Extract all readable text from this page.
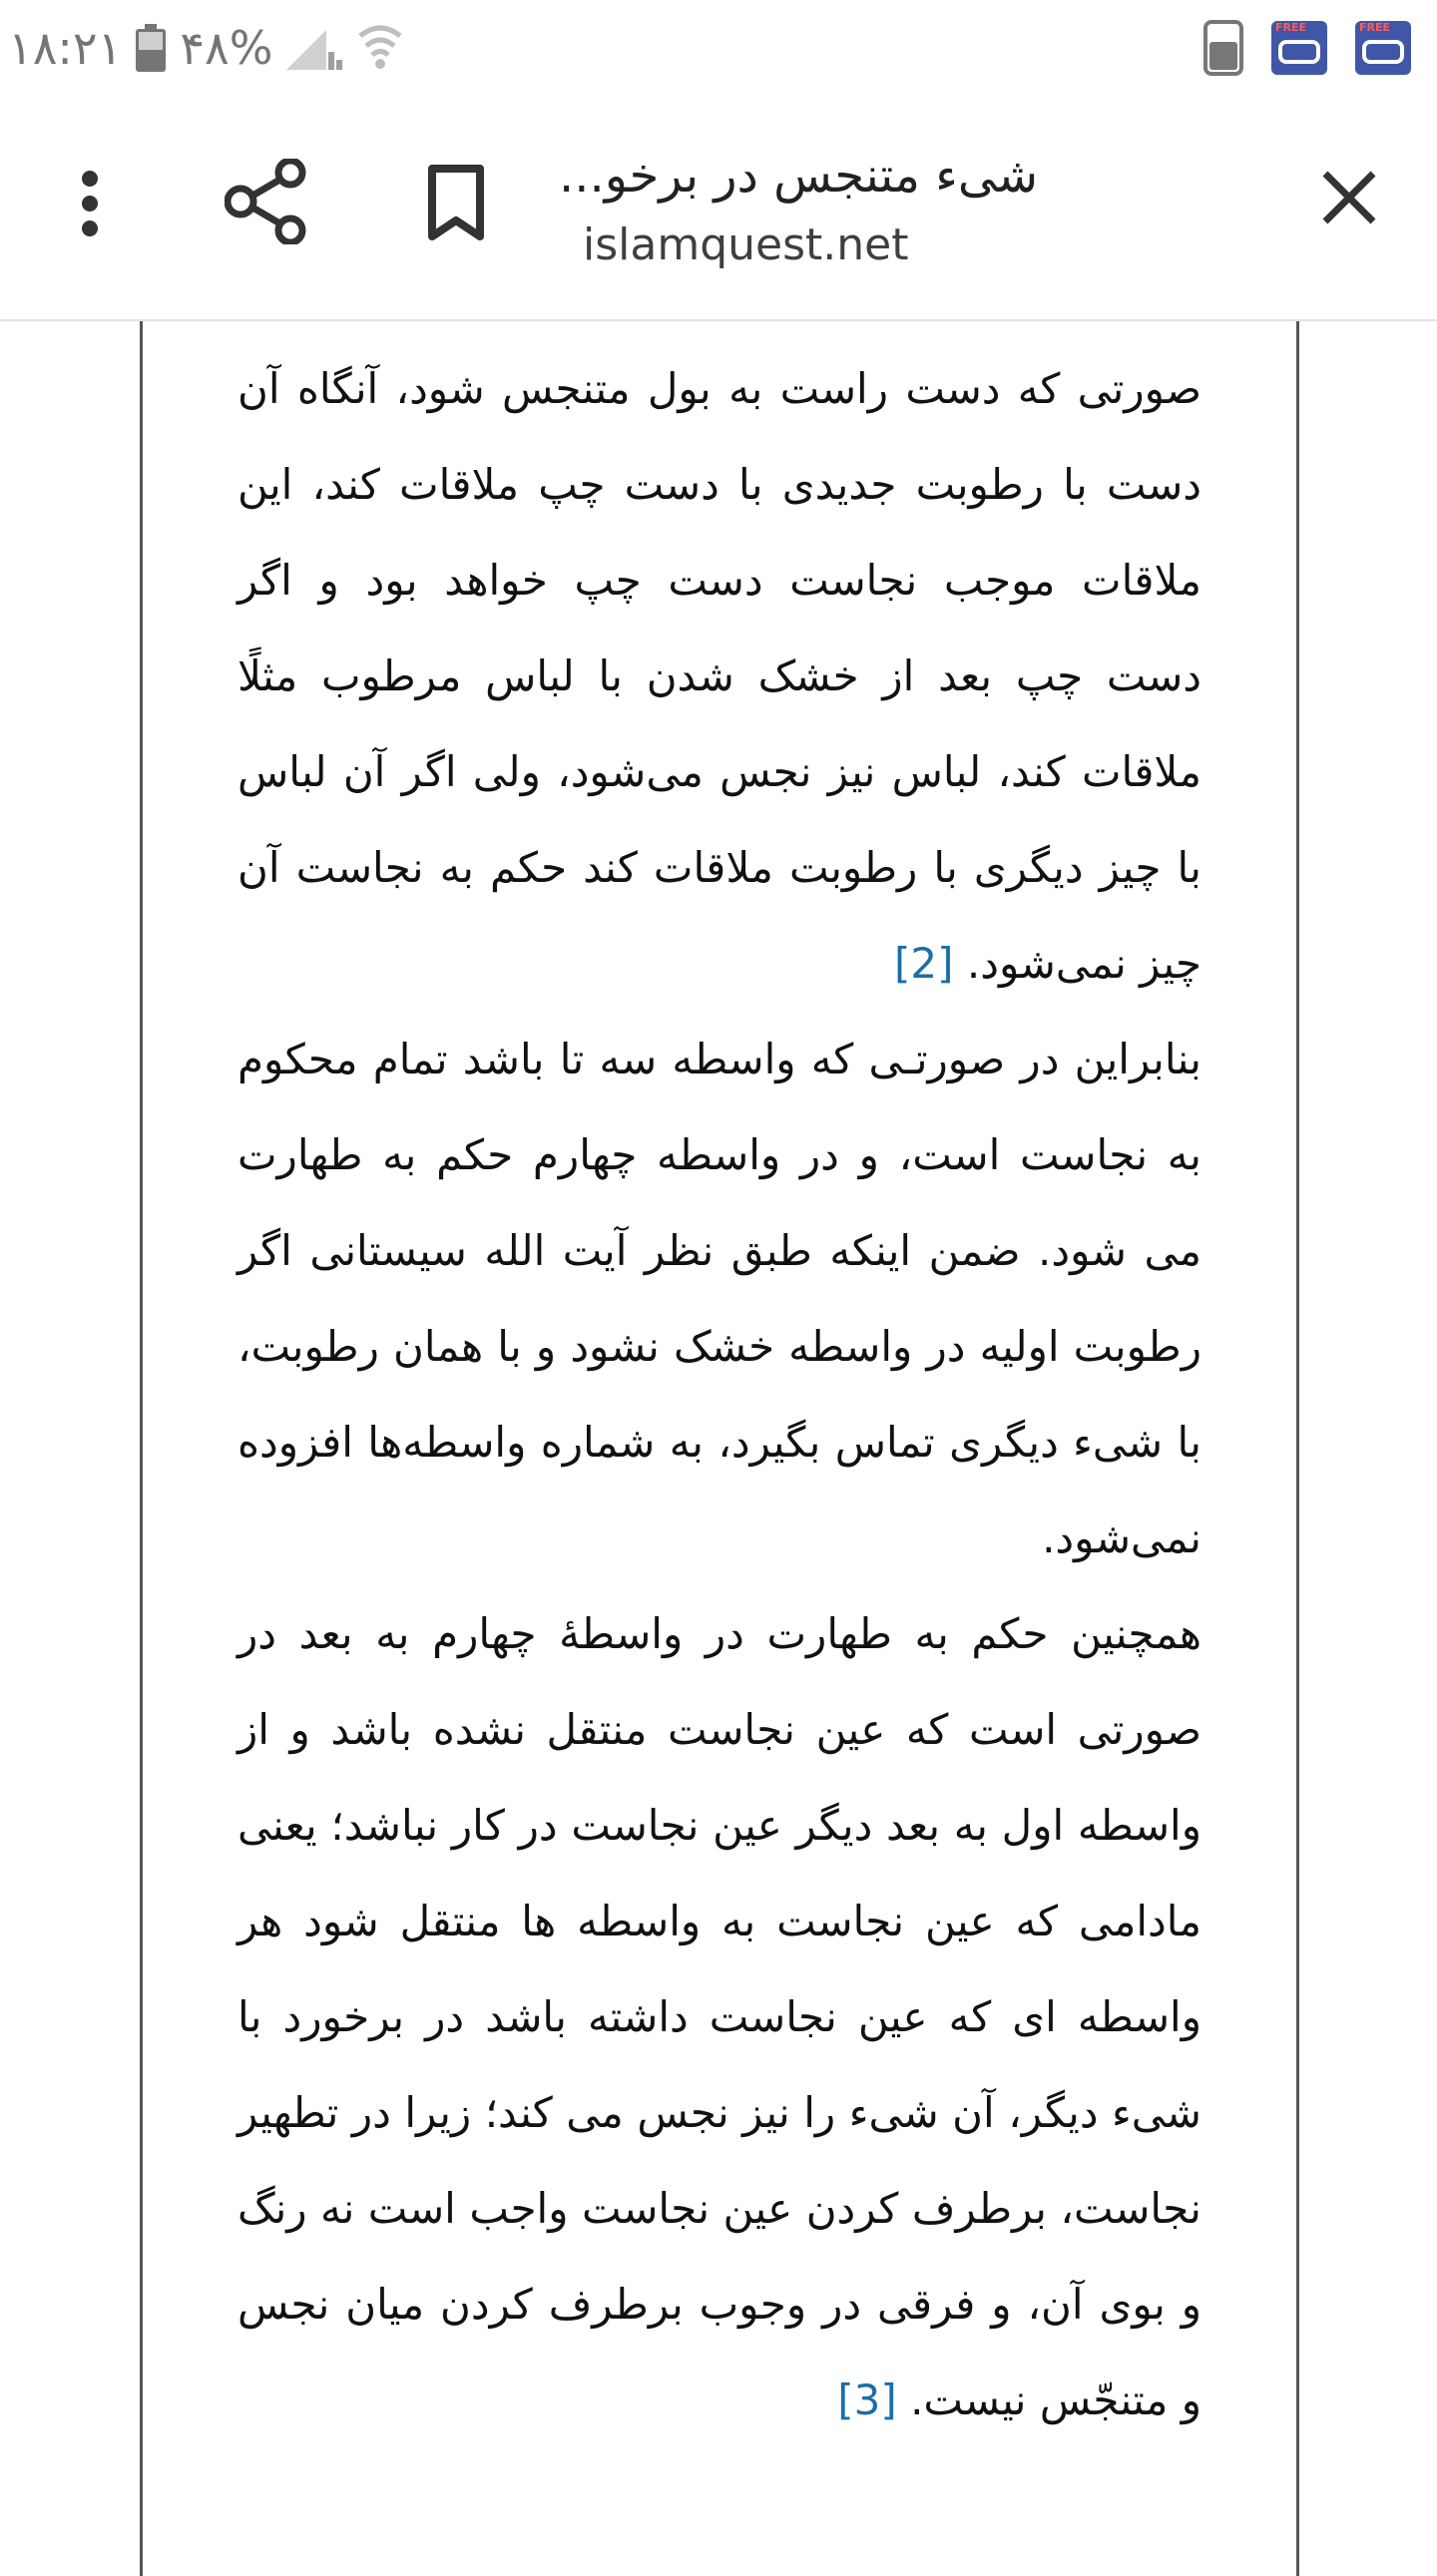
۱۸:۲۱ ۴۸%	FREE	FREE
شیء متنجس در برخو...
islamquest.net

صورتی که دست راست به بول متنجس شود، آنگاه آن دست با رطوبت جدیدی با دست چپ ملاقات کند، این ملاقات موجب نجاست دست چپ خواهد بود و اگر دست چپ بعد از خشک شدن با لباس مرطوب مثلًا ملاقات کند، لباس نیز نجس می‌شود، ولی اگر آن لباس با چیز دیگری با رطوبت ملاقات کند حکم به نجاست آن چیز نمی‌شود. [2]

بنابراین در صورتـی که واسطه سه تا باشد تمام محکوم به نجاست است، و در واسطه چهارم حکم به طهارت می شود. ضمن اینکه طبق نظر آیت الله سیستانی اگر رطوبت اولیه در واسطه خشک نشود و با همان رطوبت، با شیء دیگری تماس بگیرد، به شماره واسطه‌ها افزوده نمی‌شود.

همچنین حکم به طهارت در واسطۀ چهارم به بعد در صورتی است که عین نجاست منتقل نشده باشد و از واسطه اول به بعد دیگر عین نجاست در کار نباشد؛ یعنی مادامی که عین نجاست به واسطه ها منتقل شود هر واسطه ای که عین نجاست داشته باشد در برخورد با شیء دیگر، آن شیء را نیز نجس می کند؛ زیرا در تطهیر نجاست، برطرف کردن عین نجاست واجب است نه رنگ و بوی آن، و فرقی در وجوب برطرف کردن میان نجس و متنجّس نیست. [3]
